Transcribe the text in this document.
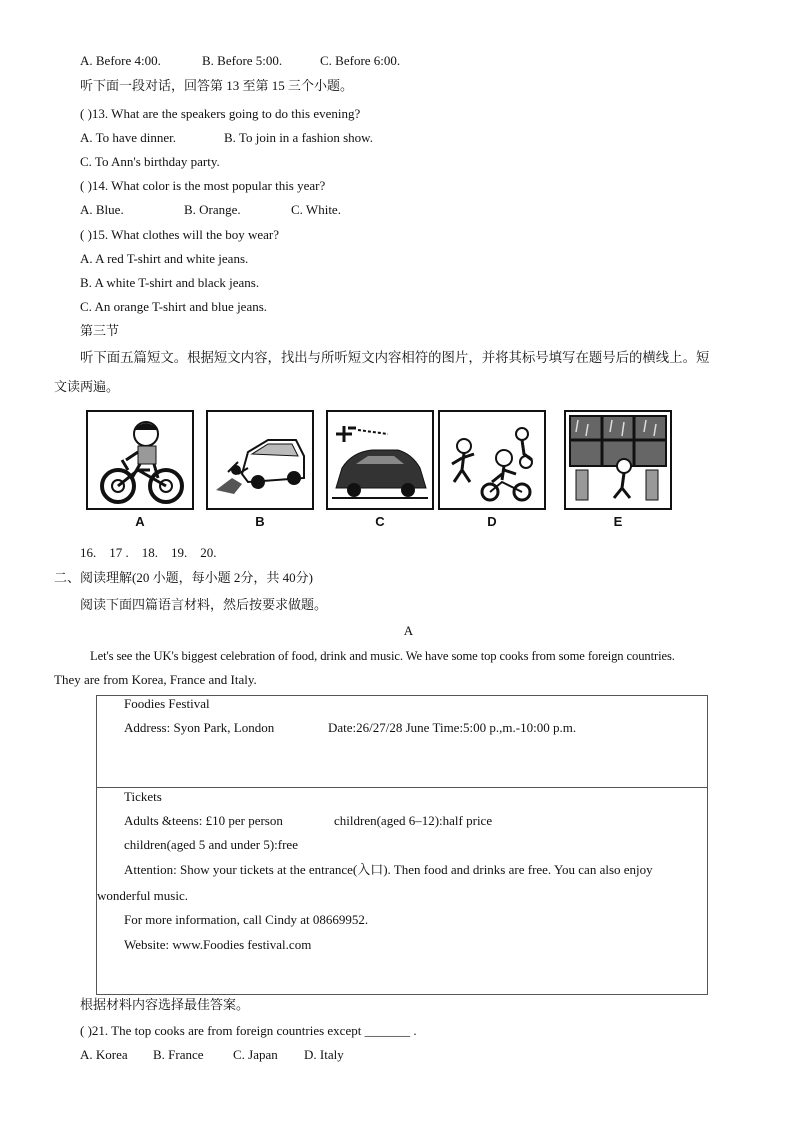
A. Before 4:00.	B. Before 5:00.	C. Before 6:00.
听下面一段对话，回答第 13 至第 15 三个小题。
( )13. What are the speakers going to do this evening?
A. To have dinner.	B. To join in a fashion show.
C. To Ann's birthday party.
( )14. What color is the most popular this year?
A. Blue.	B. Orange.	C. White.
( )15. What clothes will the boy wear?
A. A red T-shirt and white jeans.
B. A white T-shirt and black jeans.
C. An orange T-shirt and blue jeans.
第三节
听下面五篇短文。根据短文内容，找出与所听短文内容相符的图片，并将其标号填写在题号后的横线上。短
文读两遍。
A	B	C	D	E
16.    17 .    18.    19.    20.
二、阅读理解(20 小题，每小题 2分，共 40分)
阅读下面四篇语言材料，然后按要求做题。
A
Let's see the UK's biggest celebration of food, drink and music. We have some top cooks from some foreign countries.
They are from Korea, France and Italy.
Foodies Festival
Address: Syon Park, London	Date:26/27/28 June Time:5:00 p.,m.-10:00 p.m.
Tickets
Adults &teens: £10 per person	children(aged 6–12):half price
children(aged 5 and under 5):free
Attention: Show your tickets at the entrance(入口). Then food and drinks are free. You can also enjoy
wonderful music.
For more information, call Cindy at 08669952.
Website: www.Foodies festival.com
根据材料内容选择最佳答案。
( )21. The top cooks are from foreign countries except _______ .
A. Korea B. France C. Japan D. Italy
